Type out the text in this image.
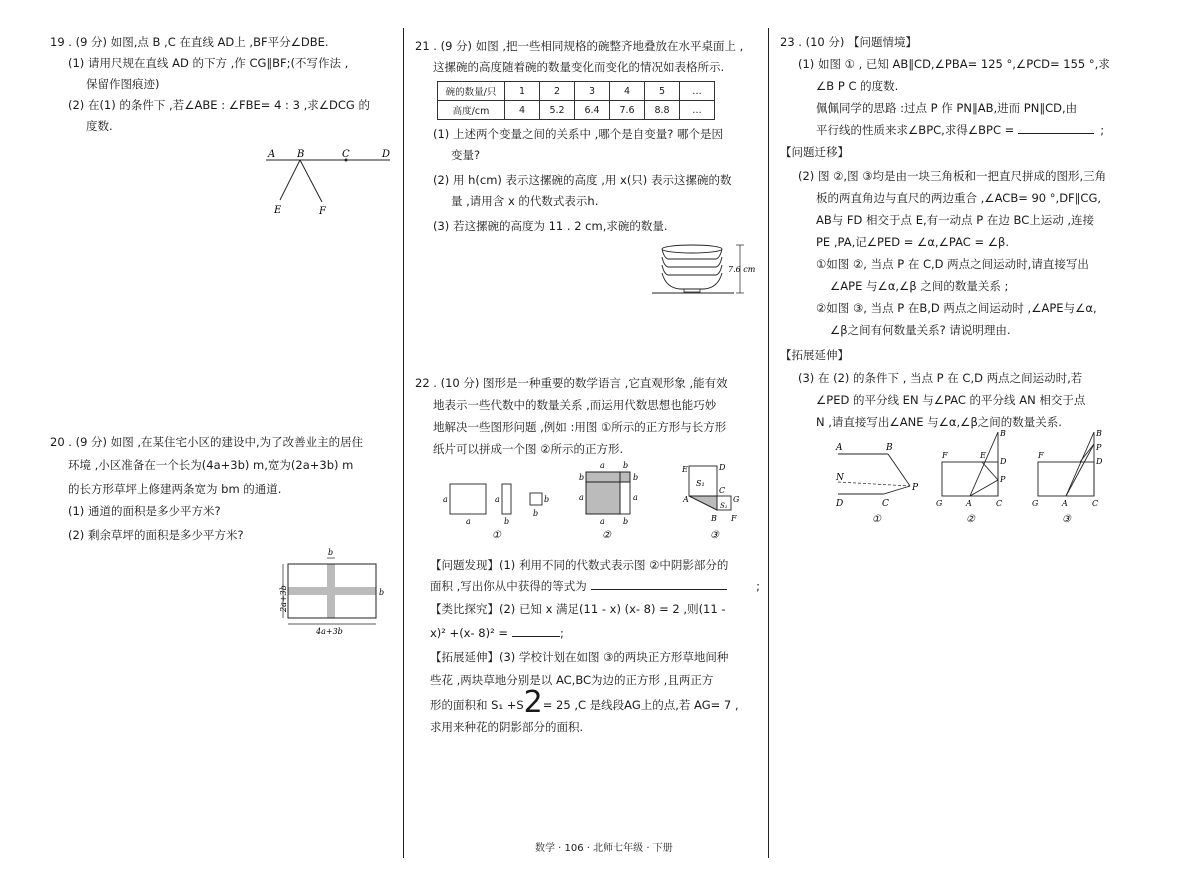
19 . (9 分) 如图,点 B ,C 在直线 AD上 ,BF平分∠DBE.

(1) 请用尺规在直线 AD 的下方 ,作 CG∥BF;(不写作法 ,

保留作图痕迹)

(2) 在(1) 的条件下 ,若∠ABE : ∠FBE= 4 : 3 ,求∠DCG 的

度数.

A B	C	D
E	F

20 . (9 分) 如图 ,在某住宅小区的建设中,为了改善业主的居住

环境 ,小区准备在一个长为(4a+3b) m,宽为(2a+3b) m

的长方形草坪上修建两条宽为 bm 的通道.

(1) 通道的面积是多少平方米?

(2) 剩余草坪的面积是多少平方米?

b
b
2a+3b
4a+3b

21 . (9 分) 如图 ,把一些相同规格的碗整齐地叠放在水平桌面上 ,

这摞碗的高度随着碗的数量变化而变化的情况如表格所示.

碗的数量/只	1	2	3	4	5	…
高度/cm	4	5.2	6.4	7.6	8.8	…

(1) 上述两个变量之间的关系中 ,哪个是自变量? 哪个是因

变量?

(2) 用 h(cm) 表示这摞碗的高度 ,用 x(只) 表示这摞碗的数

量 ,请用含 x 的代数式表示h.

(3) 若这摞碗的高度为 11 . 2 cm,求碗的数量.

7.6 cm

22 . (10 分) 图形是一种重要的数学语言 ,它直观形象 ,能有效

地表示一些代数中的数量关系 ,而运用代数思想也能巧妙

地解决一些图形问题 ,例如 :用图 ①所示的正方形与长方形

纸片可以拼成一个图 ②所示的正方形.

a
a
a
b
b
b
①
a b
b
a
b
a
a b
②
E	D
S₁
C
G
S₁
A
B F
③

【问题发现】(1) 利用不同的代数式表示图 ②中阴影部分的

面积 ,写出你从中获得的等式为	;

【类比探究】(2) 已知 x 满足(11 - x) (x- 8) = 2 ,则(11 -

x)² +(x- 8)² =	;

【拓展延伸】(3) 学校计划在如图 ③的两块正方形草地间种

些花 ,两块草地分别是以 AC,BC为边的正方形 ,且两正方

形的面积和 S₁ +S2= 25 ,C 是线段AG上的点,若 AG= 7 ,

求用来种花的阴影部分的面积.

23 . (10 分) 【问题情境】

(1) 如图 ① , 已知 AB∥CD,∠PBA= 125 °,∠PCD= 155 °,求

∠B P C 的度数.

佩佩同学的思路 :过点 P 作 PN∥AB,进而 PN∥CD,由

平行线的性质来求∠BPC,求得∠BPC =	;

【问题迁移】

(2) 图 ②,图 ③均是由一块三角板和一把直尺拼成的图形,三角

板的两直角边与直尺的两边重合 ,∠ACB= 90 °,DF∥CG,

AB与 FD 相交于点 E,有一动点 P 在边 BC上运动 ,连接

PE ,PA,记∠PED = ∠α,∠PAC = ∠β.

①如图 ②, 当点 P 在 C,D 两点之间运动时,请直接写出

∠APE 与∠α,∠β 之间的数量关系 ;

②如图 ③, 当点 P 在B,D 两点之间运动时 ,∠APE与∠α,

∠β之间有何数量关系? 请说明理由.

【拓展延伸】

(3) 在 (2) 的条件下 , 当点 P 在 C,D 两点之间运动时,若

∠PED 的平分线 EN 与∠PAC 的平分线 AN 相交于点

N ,请直接写出∠ANE 与∠α,∠β之间的数量关系.

A	B
N
P
D	C
①
B
F	E
D
P
G	A	C
②
B
P
D
F
G	A	C
③
数学 · 106 · 北师七年级 · 下册
